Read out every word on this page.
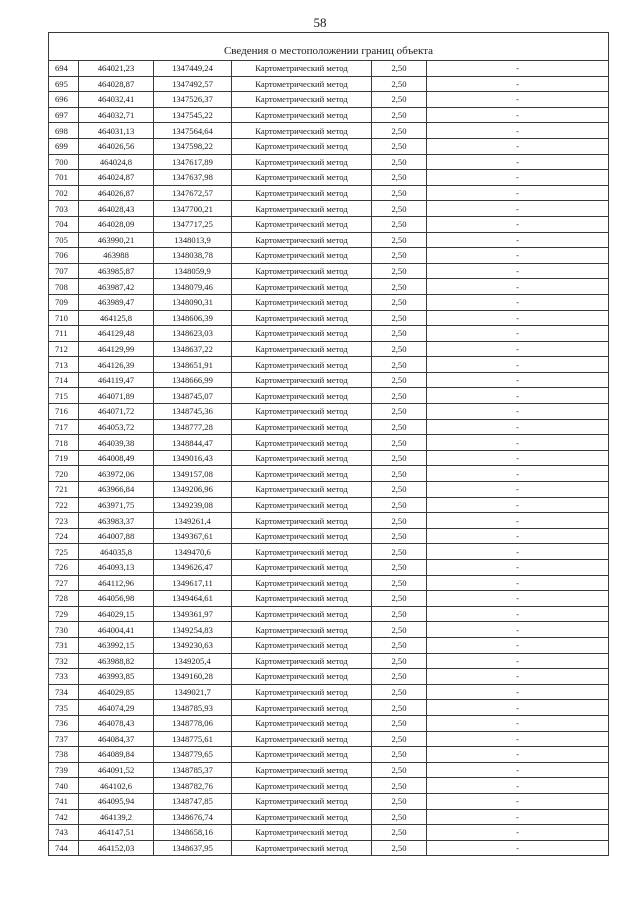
58

Сведения о местоположении границ объекта					
694	464021,23	1347449,24	Картометрический метод	2,50	-
695	464028,87	1347492,57	Картометрический метод	2,50	-
696	464032,41	1347526,37	Картометрический метод	2,50	-
697	464032,71	1347545,22	Картометрический метод	2,50	-
698	464031,13	1347564,64	Картометрический метод	2,50	-
699	464026,56	1347598,22	Картометрический метод	2,50	-
700	464024,8	1347617,89	Картометрический метод	2,50	-
701	464024,87	1347637,98	Картометрический метод	2,50	-
702	464026,87	1347672,57	Картометрический метод	2,50	-
703	464028,43	1347700,21	Картометрический метод	2,50	-
704	464028,09	1347717,25	Картометрический метод	2,50	-
705	463990,21	1348013,9	Картометрический метод	2,50	-
706	463988	1348038,78	Картометрический метод	2,50	-
707	463985,87	1348059,9	Картометрический метод	2,50	-
708	463987,42	1348079,46	Картометрический метод	2,50	-
709	463989,47	1348090,31	Картометрический метод	2,50	-
710	464125,8	1348606,39	Картометрический метод	2,50	-
711	464129,48	1348623,03	Картометрический метод	2,50	-
712	464129,99	1348637,22	Картометрический метод	2,50	-
713	464126,39	1348651,91	Картометрический метод	2,50	-
714	464119,47	1348666,99	Картометрический метод	2,50	-
715	464071,89	1348745,07	Картометрический метод	2,50	-
716	464071,72	1348745,36	Картометрический метод	2,50	-
717	464053,72	1348777,28	Картометрический метод	2,50	-
718	464039,38	1348844,47	Картометрический метод	2,50	-
719	464008,49	1349016,43	Картометрический метод	2,50	-
720	463972,06	1349157,08	Картометрический метод	2,50	-
721	463966,84	1349206,96	Картометрический метод	2,50	-
722	463971,75	1349239,08	Картометрический метод	2,50	-
723	463983,37	1349261,4	Картометрический метод	2,50	-
724	464007,88	1349367,61	Картометрический метод	2,50	-
725	464035,8	1349470,6	Картометрический метод	2,50	-
726	464093,13	1349626,47	Картометрический метод	2,50	-
727	464112,96	1349617,11	Картометрический метод	2,50	-
728	464056,98	1349464,61	Картометрический метод	2,50	-
729	464029,15	1349361,97	Картометрический метод	2,50	-
730	464004,41	1349254,83	Картометрический метод	2,50	-
731	463992,15	1349230,63	Картометрический метод	2,50	-
732	463988,82	1349205,4	Картометрический метод	2,50	-
733	463993,85	1349160,28	Картометрический метод	2,50	-
734	464029,85	1349021,7	Картометрический метод	2,50	-
735	464074,29	1348785,93	Картометрический метод	2,50	-
736	464078,43	1348778,06	Картометрический метод	2,50	-
737	464084,37	1348775,61	Картометрический метод	2,50	-
738	464089,84	1348779,65	Картометрический метод	2,50	-
739	464091,52	1348785,37	Картометрический метод	2,50	-
740	464102,6	1348782,76	Картометрический метод	2,50	-
741	464095,94	1348747,85	Картометрический метод	2,50	-
742	464139,2	1348676,74	Картометрический метод	2,50	-
743	464147,51	1348658,16	Картометрический метод	2,50	-
744	464152,03	1348637,95	Картометрический метод	2,50	-
